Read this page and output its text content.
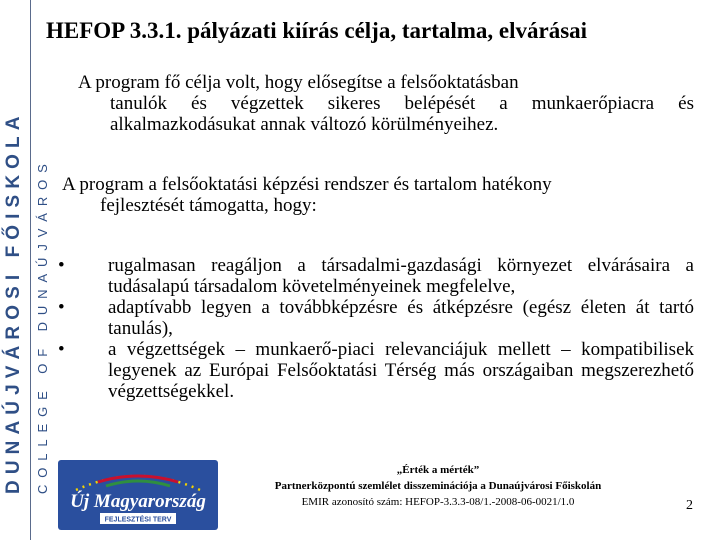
DUNAÚJVÁROSI FŐISKOLA COLLEGE OF DUNAÚJVÁROS
HEFOP 3.3.1. pályázati kiírás célja, tartalma, elvárásai

A program fő célja volt, hogy elősegítse a felsőoktatásban
tanulók és végzettek sikeres belépését a munkaerőpiacra és alkalmazkodásukat annak változó körülményeihez.

A program a felsőoktatási képzési rendszer és tartalom hatékony
fejlesztését támogatta, hogy:

•	rugalmasan reagáljon a társadalmi-gazdasági környezet elvárásaira a tudásalapú társadalom követelményeinek megfelelve,
•	adaptívabb legyen a továbbképzésre és átképzésre (egész életen át tartó tanulás),
•	a végzettségek – munkaerő-piaci relevanciájuk mellett – kompatibilisek legyenek az Európai Felsőoktatási Térség más országaiban megszerezhető végzettségekkel.
Új Magyarország
FEJLESZTÉSI TERV
„Érték a mérték”
Partnerközpontú szemlélet disszeminációja a Dunaújvárosi Főiskolán
EMIR azonosító szám: HEFOP-3.3.3-08/1.-2008-06-0021/1.0	2
